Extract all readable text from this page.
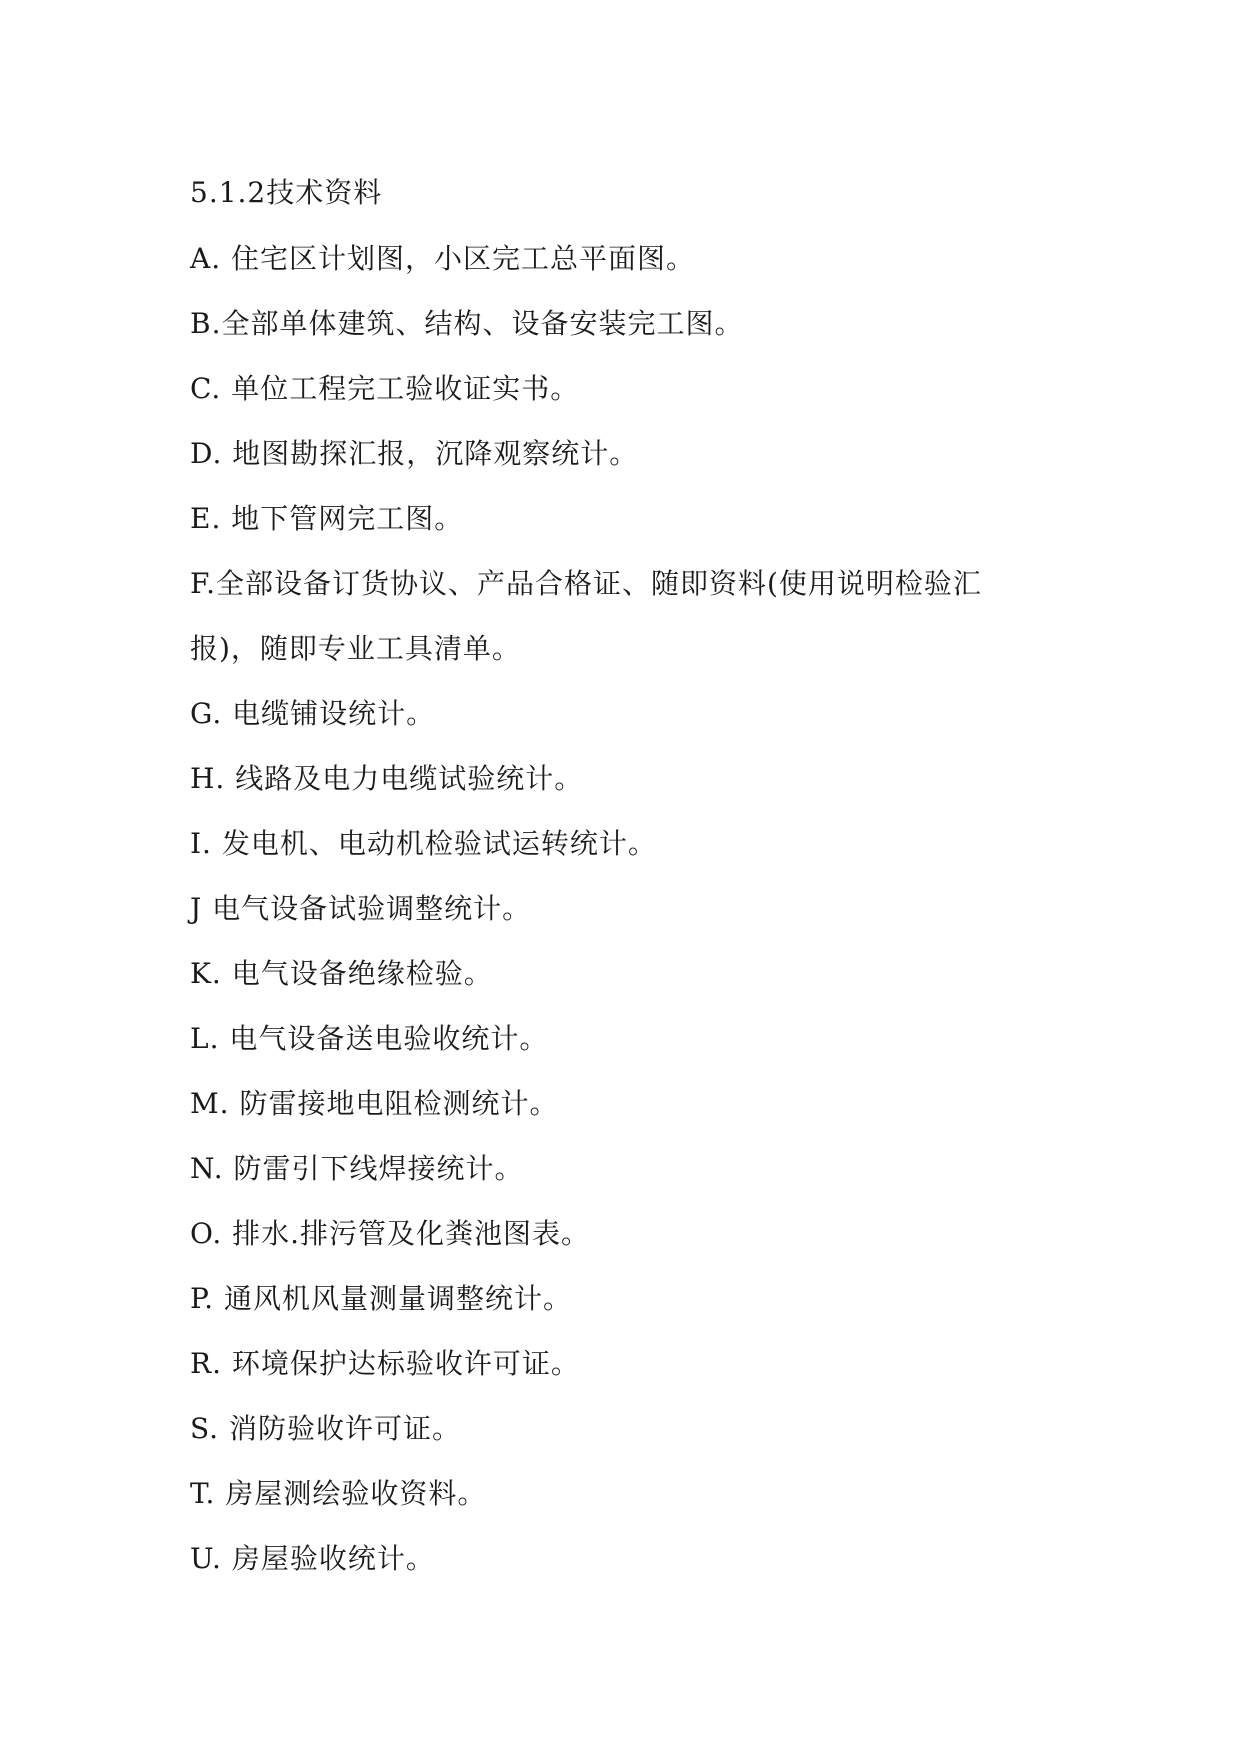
5.1.2技术资料
A. 住宅区计划图，小区完工总平面图。
B.全部单体建筑、结构、设备安装完工图。
C. 单位工程完工验收证实书。
D. 地图勘探汇报，沉降观察统计。
E. 地下管网完工图。
F.全部设备订货协议、产品合格证、随即资料(使用说明检验汇
报)，随即专业工具清单。
G. 电缆铺设统计。
H. 线路及电力电缆试验统计。
I. 发电机、电动机检验试运转统计。
J 电气设备试验调整统计。
K. 电气设备绝缘检验。
L. 电气设备送电验收统计。
M. 防雷接地电阻检测统计。
N. 防雷引下线焊接统计。
O. 排水.排污管及化粪池图表。
P. 通风机风量测量调整统计。
R. 环境保护达标验收许可证。
S. 消防验收许可证。
T. 房屋测绘验收资料。
U. 房屋验收统计。
